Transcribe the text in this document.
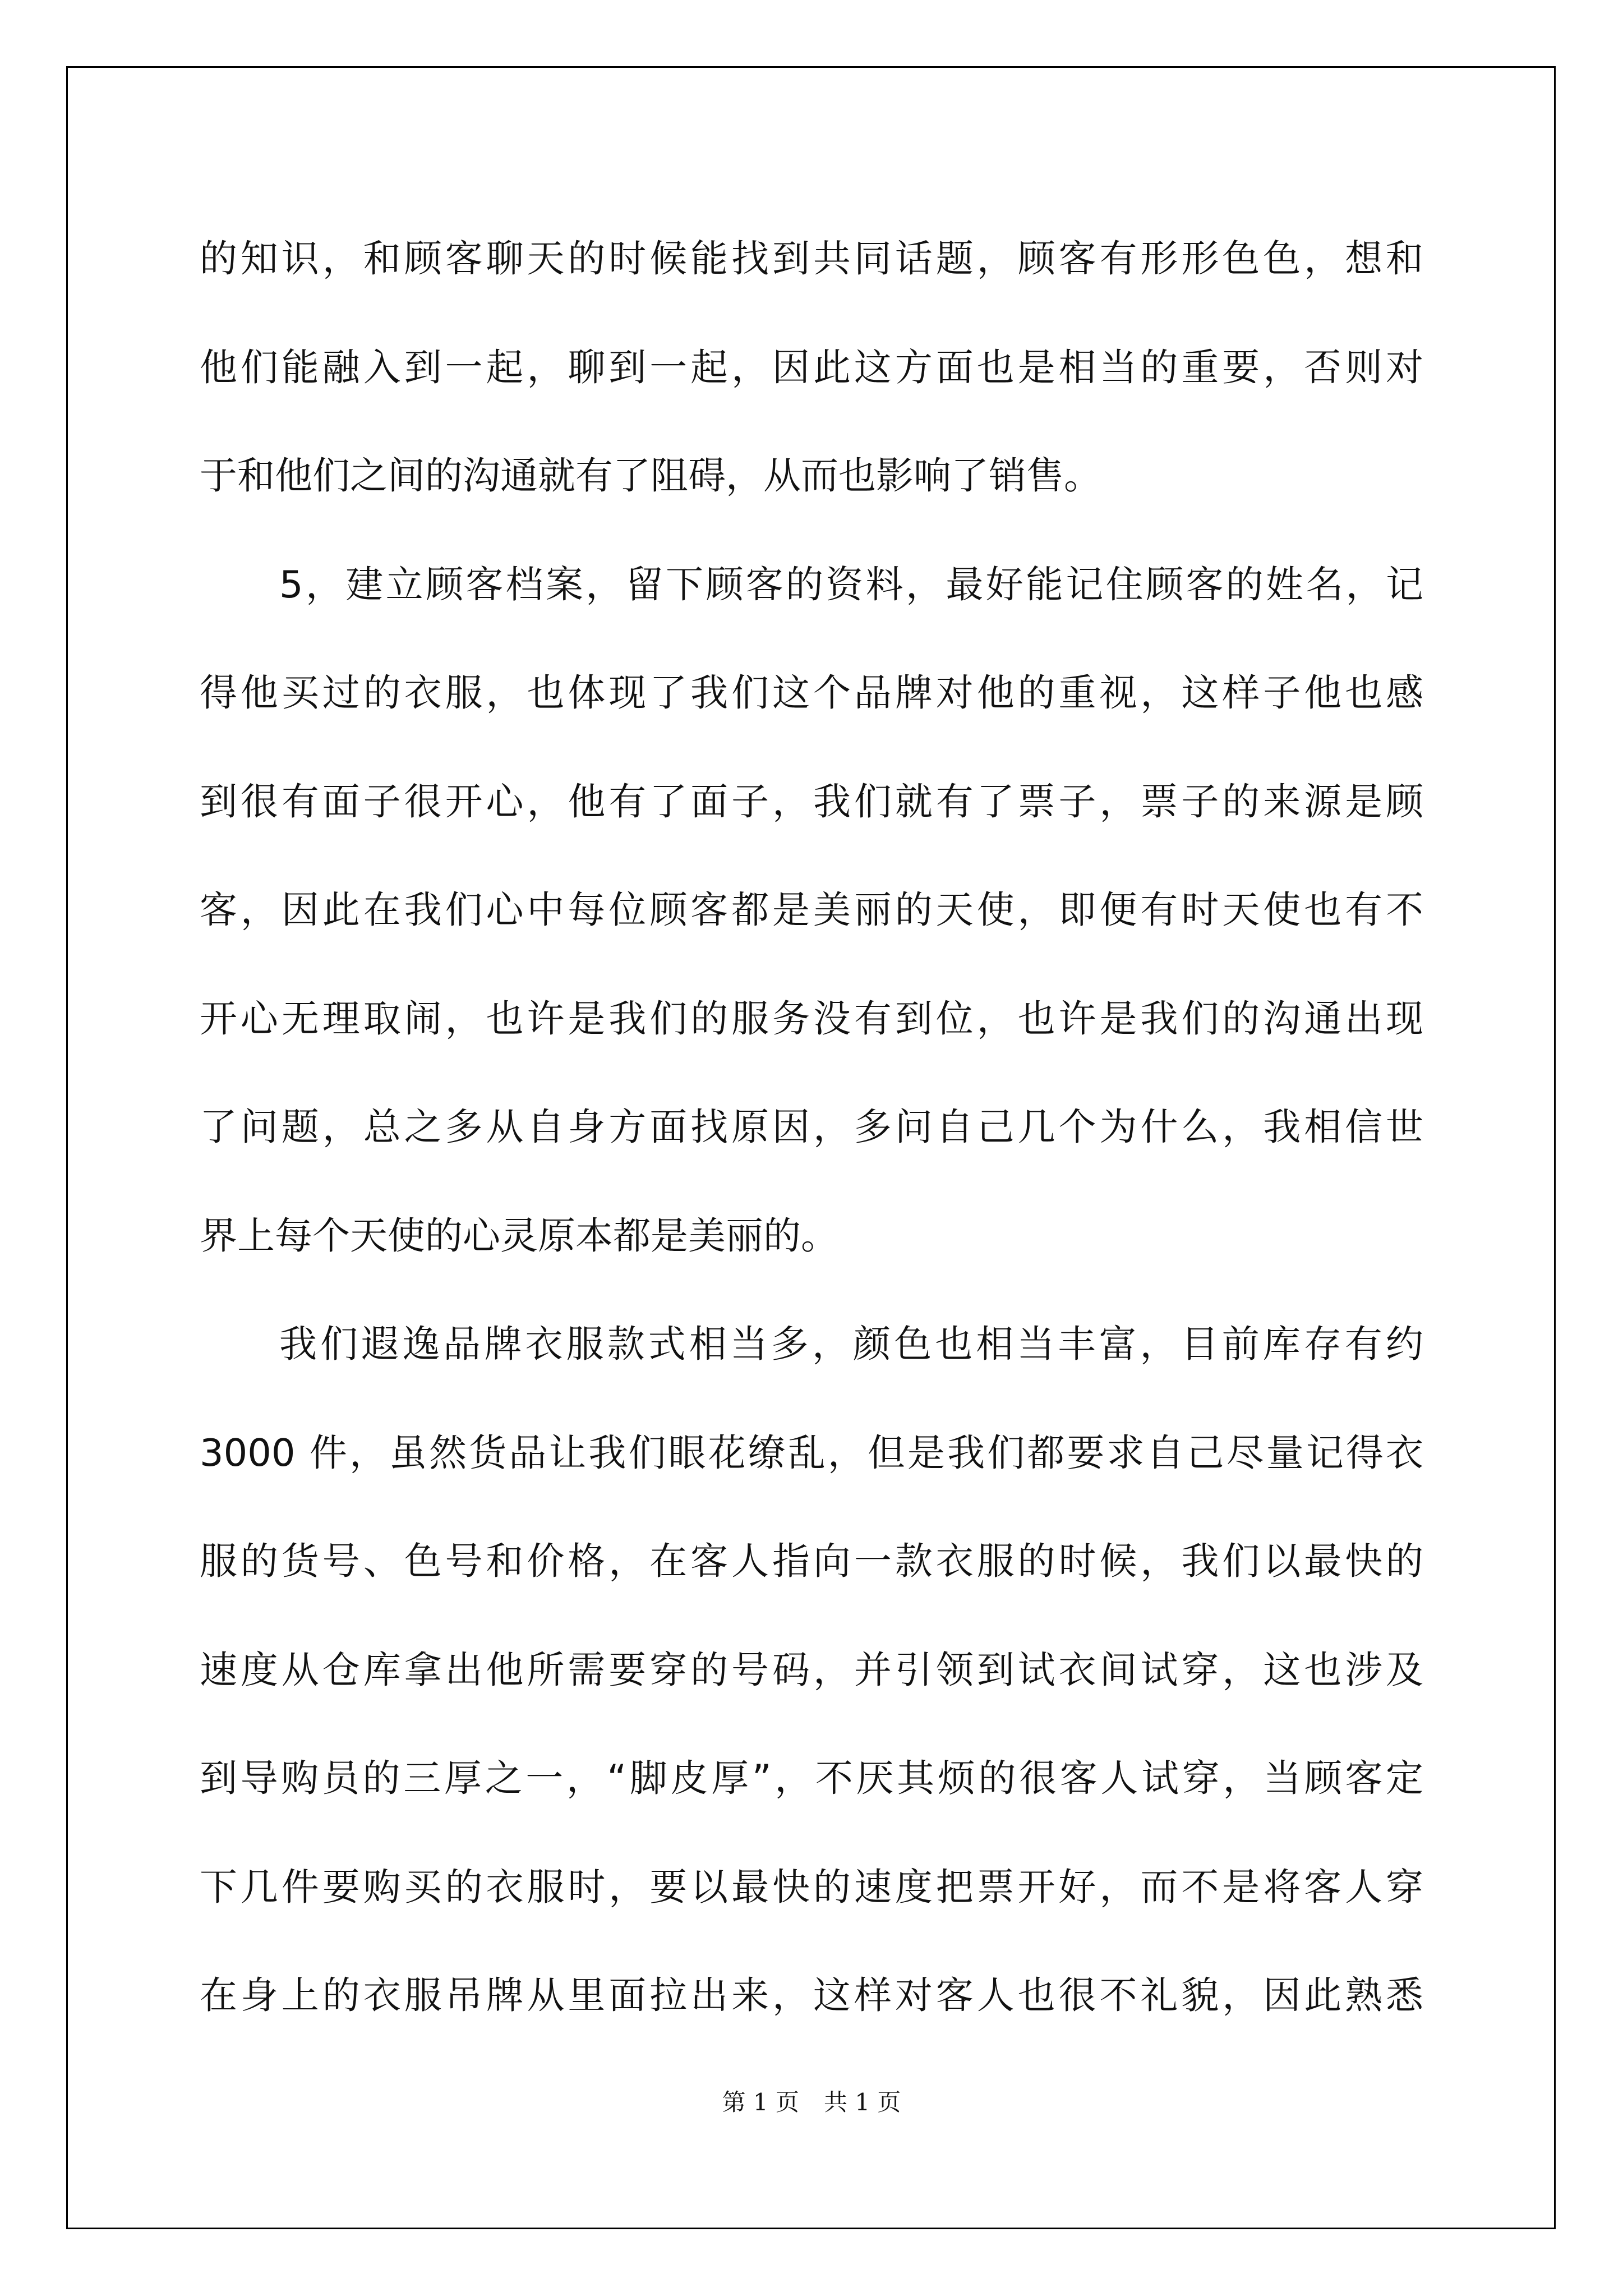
的知识，和顾客聊天的时候能找到共同话题，顾客有形形色色，想和
他们能融入到一起，聊到一起，因此这方面也是相当的重要，否则对
于和他们之间的沟通就有了阻碍，从而也影响了销售。
5，建立顾客档案，留下顾客的资料，最好能记住顾客的姓名，记
得他买过的衣服，也体现了我们这个品牌对他的重视，这样子他也感
到很有面子很开心，他有了面子，我们就有了票子，票子的来源是顾
客，因此在我们心中每位顾客都是美丽的天使，即便有时天使也有不
开心无理取闹，也许是我们的服务没有到位，也许是我们的沟通出现
了问题，总之多从自身方面找原因，多问自己几个为什么，我相信世
界上每个天使的心灵原本都是美丽的。
我们遐逸品牌衣服款式相当多，颜色也相当丰富，目前库存有约
3000 件，虽然货品让我们眼花缭乱，但是我们都要求自己尽量记得衣
服的货号、色号和价格，在客人指向一款衣服的时候，我们以最快的
速度从仓库拿出他所需要穿的号码，并引领到试衣间试穿，这也涉及
到导购员的三厚之一，“脚皮厚”，不厌其烦的很客人试穿，当顾客定
下几件要购买的衣服时，要以最快的速度把票开好，而不是将客人穿
在身上的衣服吊牌从里面拉出来，这样对客人也很不礼貌，因此熟悉
第 1 页 共 1 页
